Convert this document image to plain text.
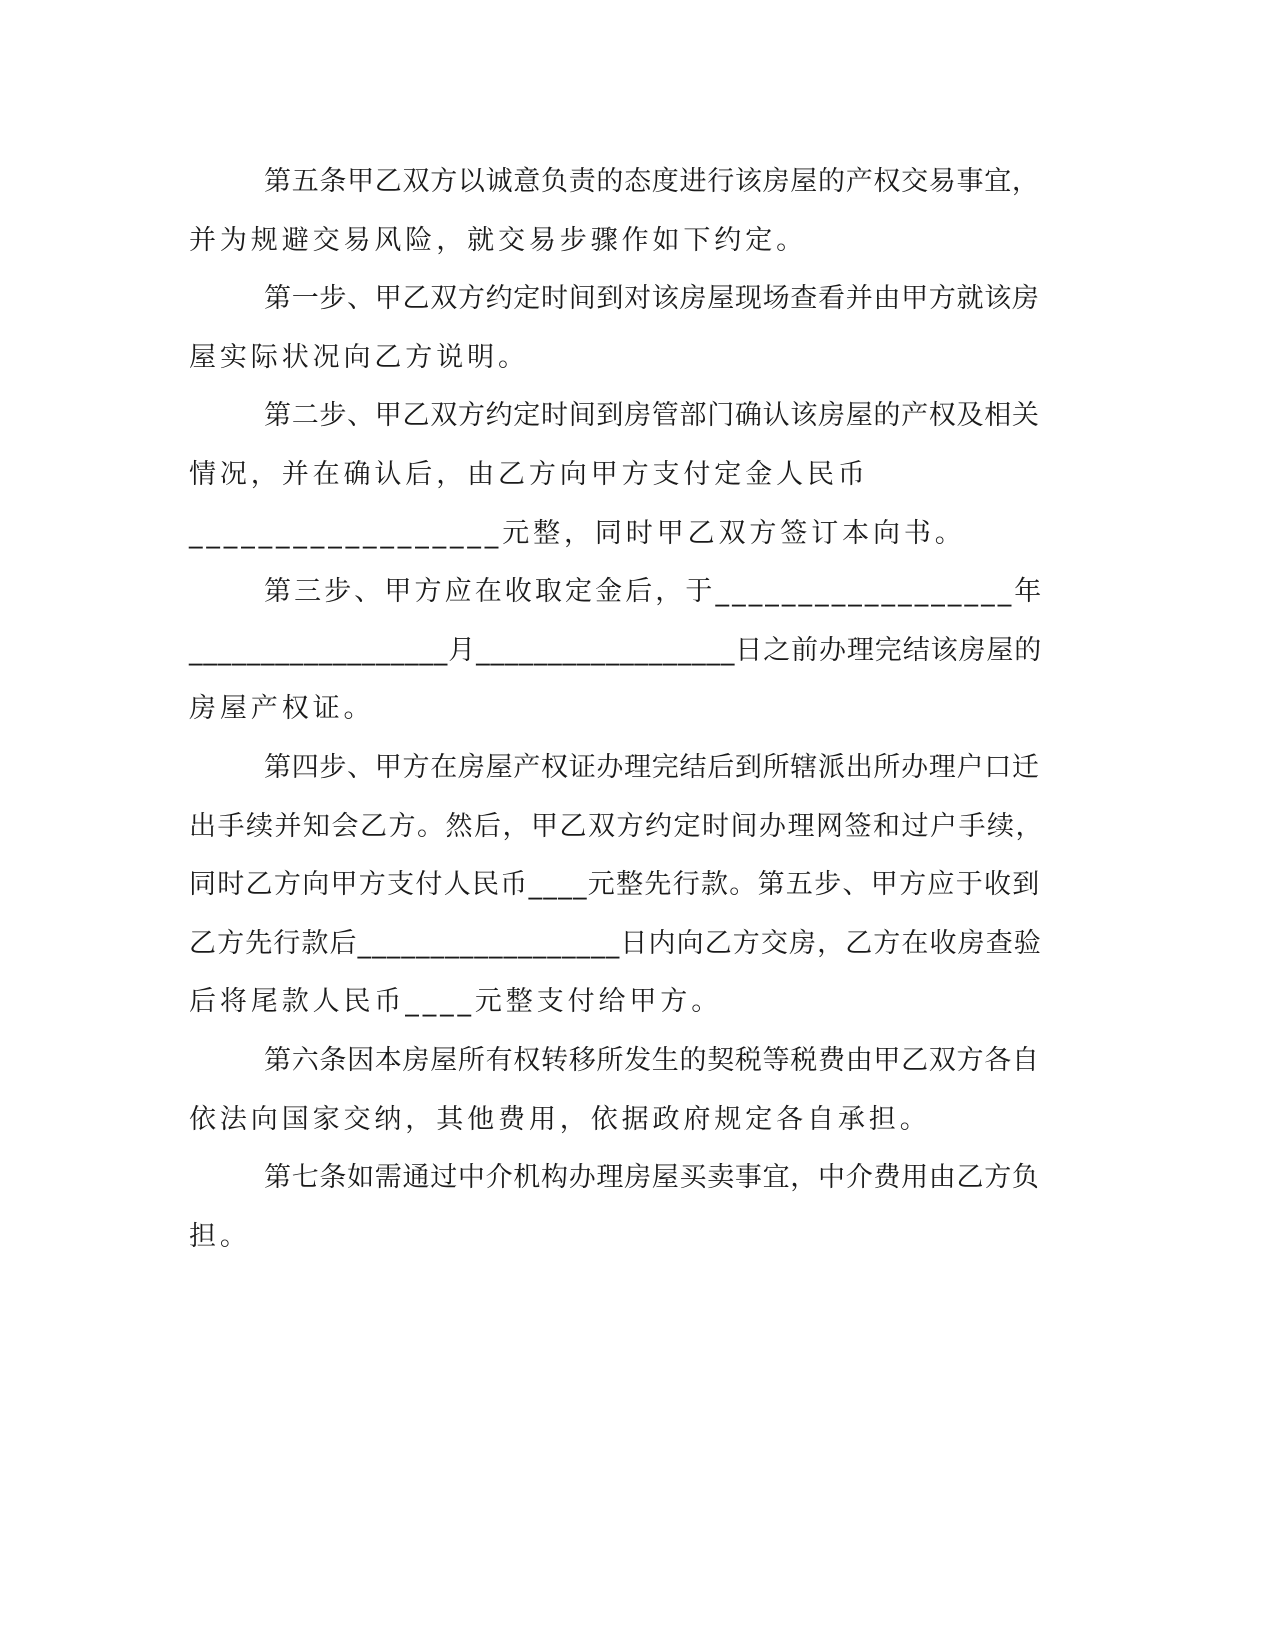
第五条甲乙双方以诚意负责的态度进行该房屋的产权交易事宜，
并为规避交易风险，就交易步骤作如下约定。
第一步、甲乙双方约定时间到对该房屋现场查看并由甲方就该房
屋实际状况向乙方说明。
第二步、甲乙双方约定时间到房管部门确认该房屋的产权及相关
情况，并在确认后，由乙方向甲方支付定金人民币
__________________元整，同时甲乙双方签订本向书。
第三步、甲方应在收取定金后，于__________________年
__________________月__________________日之前办理完结该房屋的
房屋产权证。
第四步、甲方在房屋产权证办理完结后到所辖派出所办理户口迁
出手续并知会乙方。然后，甲乙双方约定时间办理网签和过户手续，
同时乙方向甲方支付人民币____元整先行款。第五步、甲方应于收到
乙方先行款后__________________日内向乙方交房，乙方在收房查验
后将尾款人民币____元整支付给甲方。
第六条因本房屋所有权转移所发生的契税等税费由甲乙双方各自
依法向国家交纳，其他费用，依据政府规定各自承担。
第七条如需通过中介机构办理房屋买卖事宜，中介费用由乙方负
担。
